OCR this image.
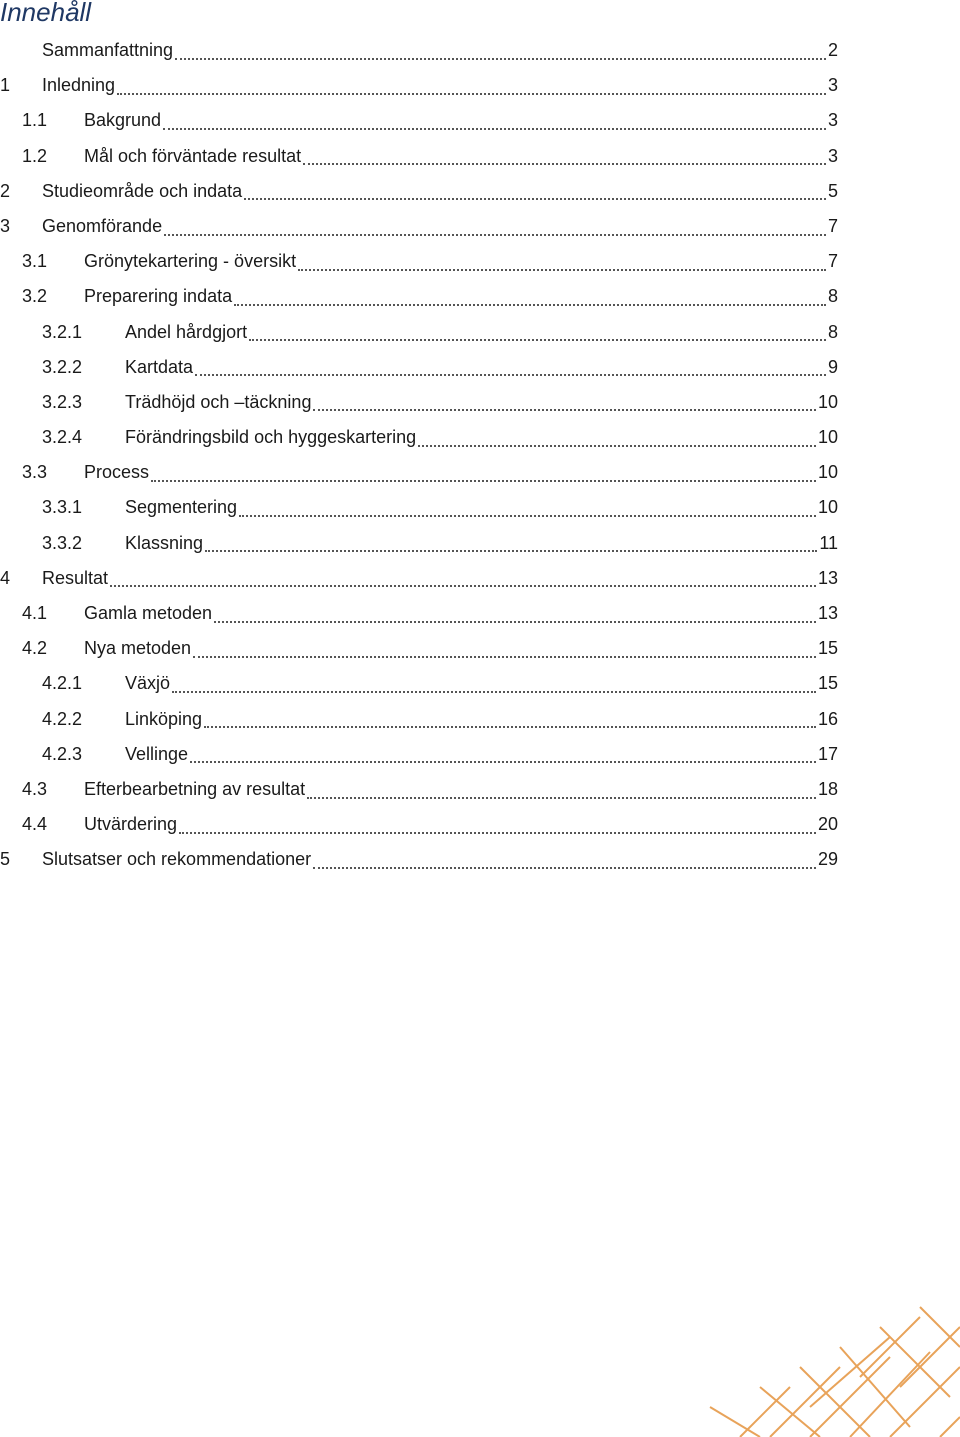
Innehåll
Sammanfattning	2
1	Inledning	3
1.1	Bakgrund	3
1.2	Mål och förväntade resultat	3
2	Studieområde och indata	5
3	Genomförande	7
3.1	Grönytekartering - översikt	7
3.2	Preparering indata	8
3.2.1	Andel hårdgjort	8
3.2.2	Kartdata	9
3.2.3	Trädhöjd och –täckning	10
3.2.4	Förändringsbild och hyggeskartering	10
3.3	Process	10
3.3.1	Segmentering	10
3.3.2	Klassning	11
4	Resultat	13
4.1	Gamla metoden	13
4.2	Nya metoden	15
4.2.1	Växjö	15
4.2.2	Linköping	16
4.2.3	Vellinge	17
4.3	Efterbearbetning av resultat	18
4.4	Utvärdering	20
5	Slutsatser och rekommendationer	29
